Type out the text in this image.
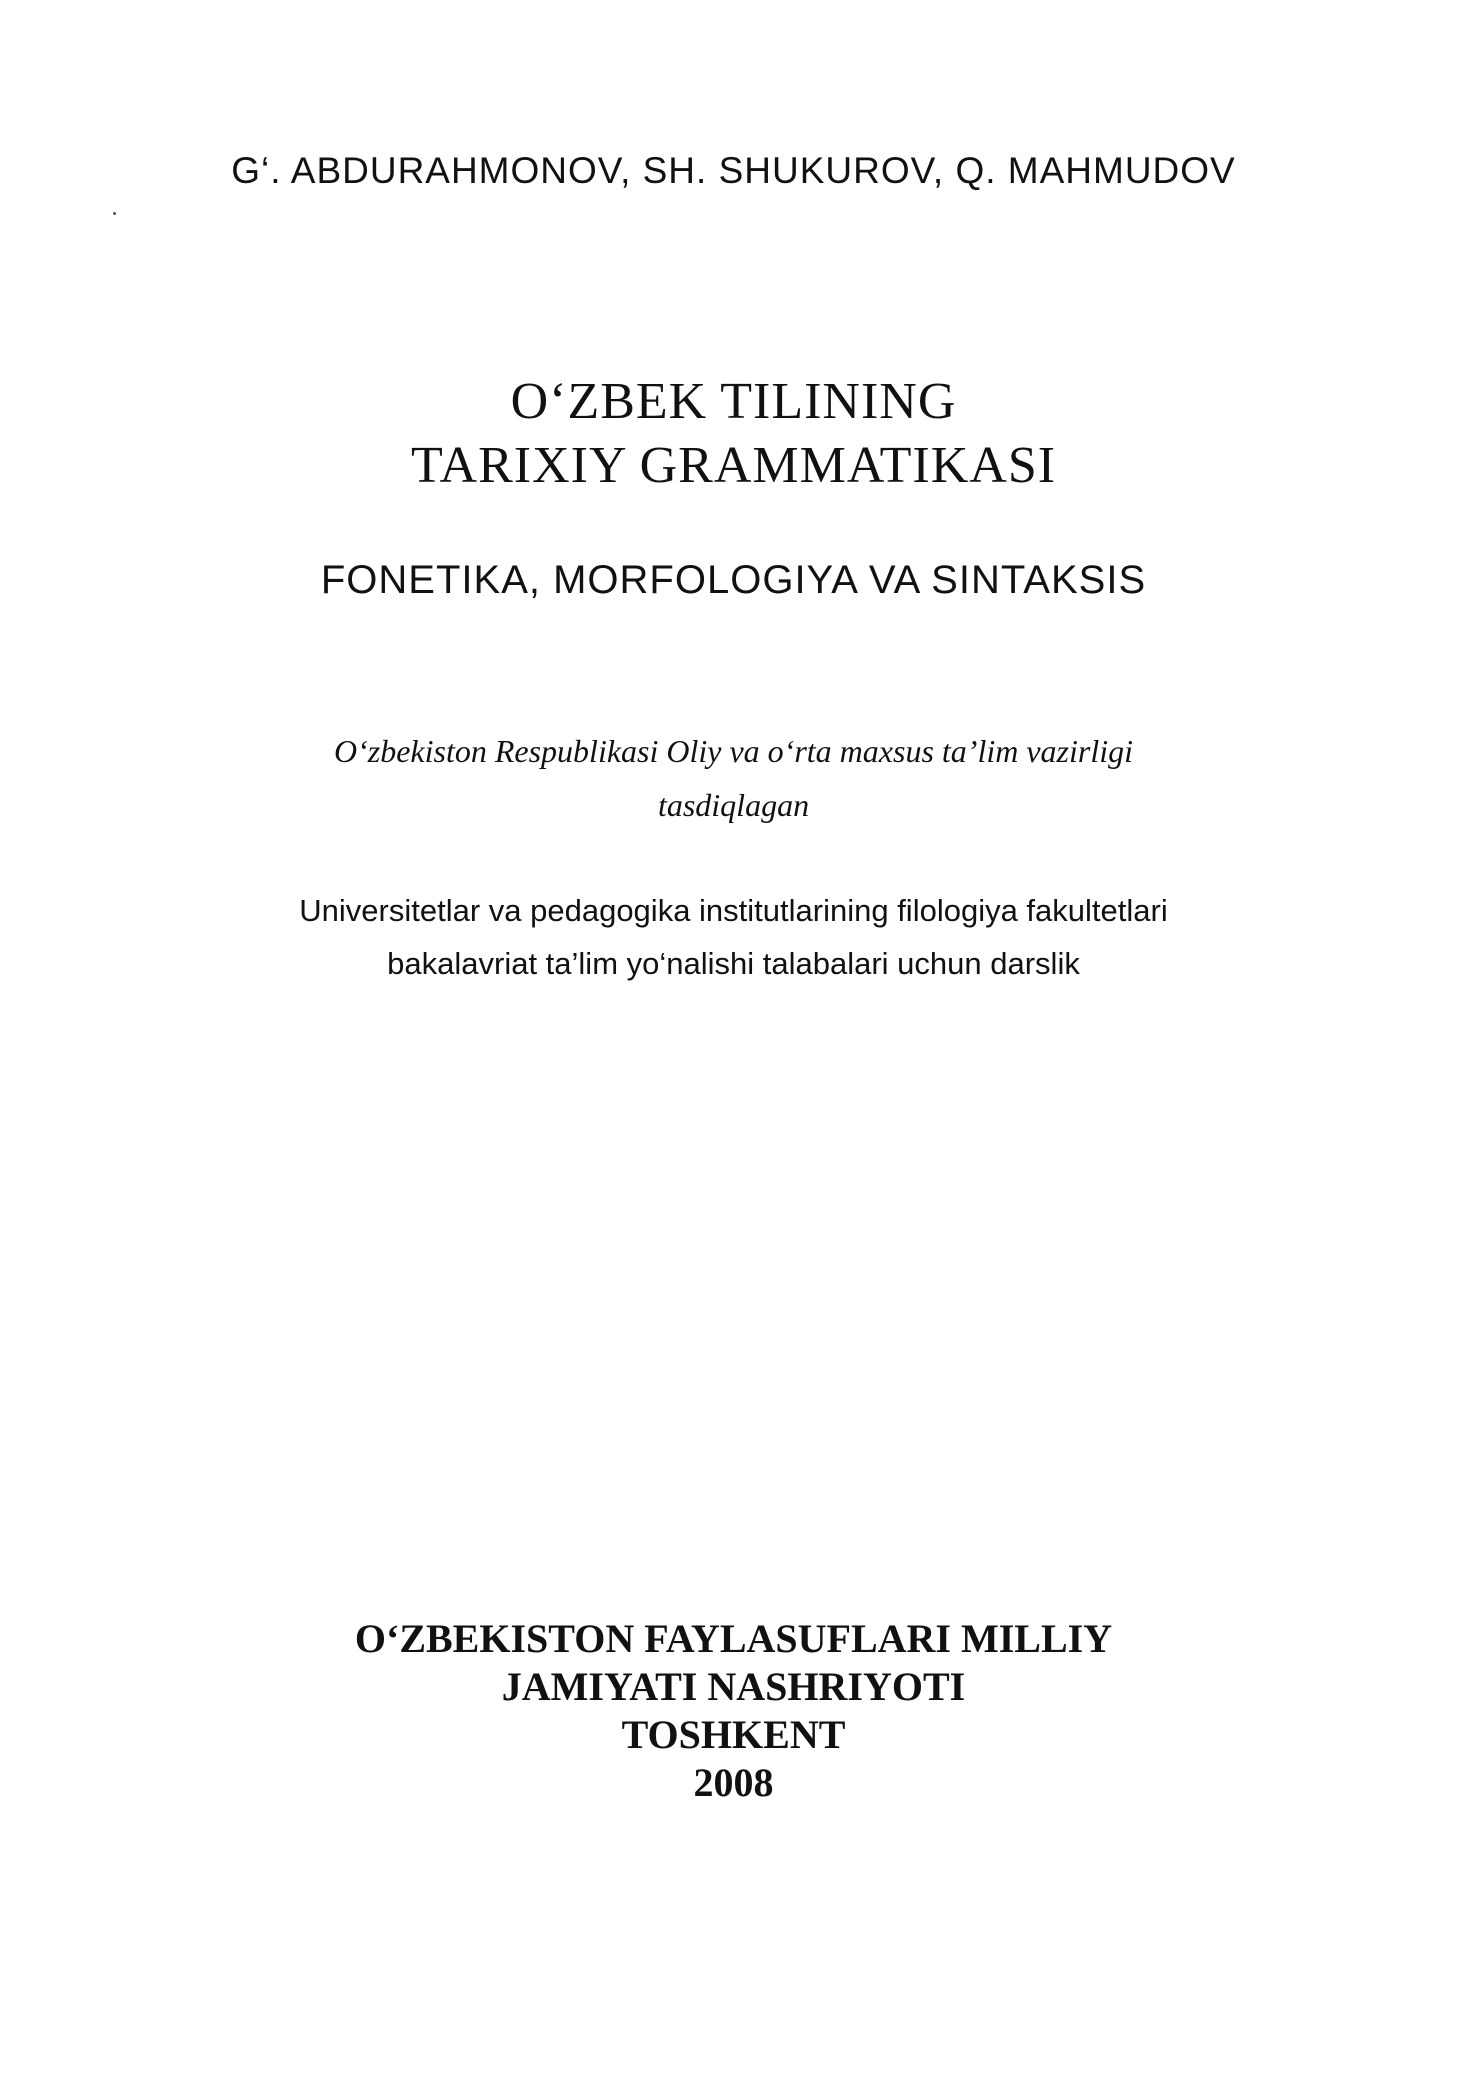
G‘. ABDURAHMONOV, SH. SHUKUROV, Q. MAHMUDOV
O‘ZBEK TILINING
TARIXIY GRAMMATIKASI
FONETIKA, MORFOLOGIYA VA SINTAKSIS
O‘zbekiston Respublikasi Oliy va o‘rta maxsus ta’lim vazirligi
tasdiqlagan
Universitetlar va pedagogika institutlarining filologiya fakultetlari
bakalavriat ta’lim yo‘nalishi talabalari uchun darslik
O‘ZBEKISTON FAYLASUFLARI MILLIY
JAMIYATI NASHRIYOTI
TOSHKENT
2008
